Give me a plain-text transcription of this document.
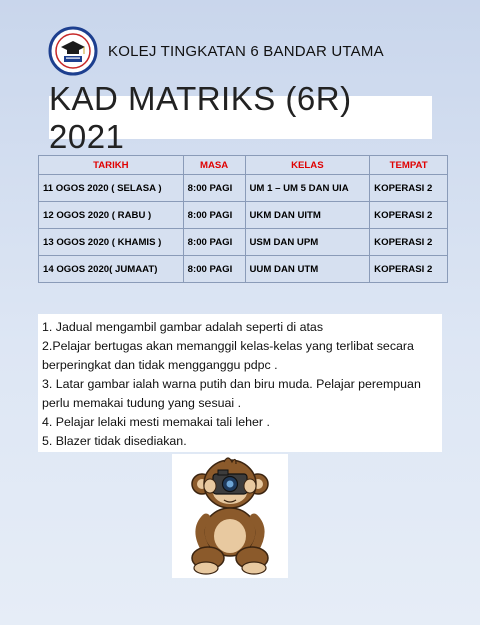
KOLEJ TINGKATAN 6 BANDAR UTAMA
KAD MATRIKS (6R) 2021
TARIKH	MASA	KELAS	TEMPAT
11 OGOS 2020 ( SELASA )	8:00 PAGI	UM 1 – UM 5 DAN UIA	KOPERASI 2
12 OGOS 2020 ( RABU )	8:00 PAGI	UKM DAN UITM	KOPERASI 2
13 OGOS 2020 ( KHAMIS )	8:00 PAGI	USM DAN UPM	KOPERASI 2
14 OGOS 2020( JUMAAT)	8:00 PAGI	UUM DAN UTM	KOPERASI 2
1. Jadual mengambil gambar adalah seperti di atas
2.Pelajar bertugas akan memanggil kelas-kelas yang terlibat secara berperingkat dan tidak mengganggu pdpc .
3. Latar gambar ialah warna putih dan biru muda. Pelajar perempuan perlu memakai tudung yang sesuai .
4. Pelajar lelaki mesti memakai tali leher .
5. Blazer tidak disediakan.
